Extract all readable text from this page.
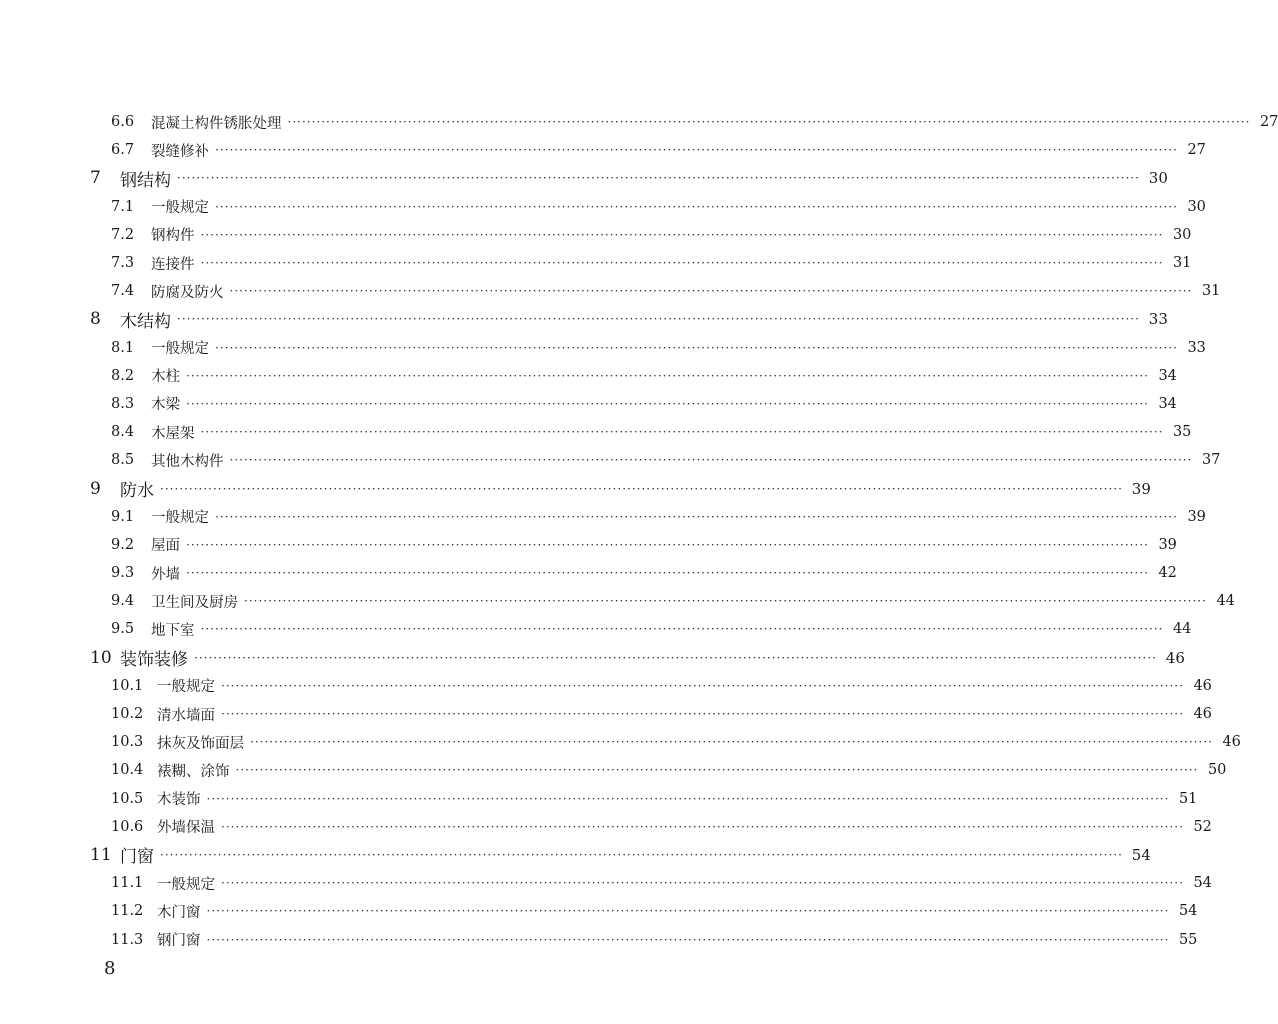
6.6	混凝土构件锈胀处理 ········································································································································································································ 27
6.7	裂缝修补 ········································································································································································································ 27
7	钢结构 ········································································································································································································ 30
7.1	一般规定 ········································································································································································································ 30
7.2	钢构件 ········································································································································································································ 30
7.3	连接件 ········································································································································································································ 31
7.4	防腐及防火 ········································································································································································································ 31
8	木结构 ········································································································································································································ 33
8.1	一般规定 ········································································································································································································ 33
8.2	木柱 ········································································································································································································ 34
8.3	木梁 ········································································································································································································ 34
8.4	木屋架 ········································································································································································································ 35
8.5	其他木构件 ········································································································································································································ 37
9	防水 ········································································································································································································ 39
9.1	一般规定 ········································································································································································································ 39
9.2	屋面 ········································································································································································································ 39
9.3	外墙 ········································································································································································································ 42
9.4	卫生间及厨房 ········································································································································································································ 44
9.5	地下室 ········································································································································································································ 44
10 装饰装修 ········································································································································································································ 46
10.1 一般规定 ········································································································································································································ 46
10.2 清水墙面 ········································································································································································································ 46
10.3 抹灰及饰面层 ········································································································································································································ 46
10.4 裱糊、涂饰 ········································································································································································································ 50
10.5 木装饰 ········································································································································································································ 51
10.6 外墙保温 ········································································································································································································ 52
11 门窗 ········································································································································································································ 54
11.1 一般规定 ········································································································································································································ 54
11.2 木门窗 ········································································································································································································ 54
11.3 钢门窗 ········································································································································································································ 55
8
